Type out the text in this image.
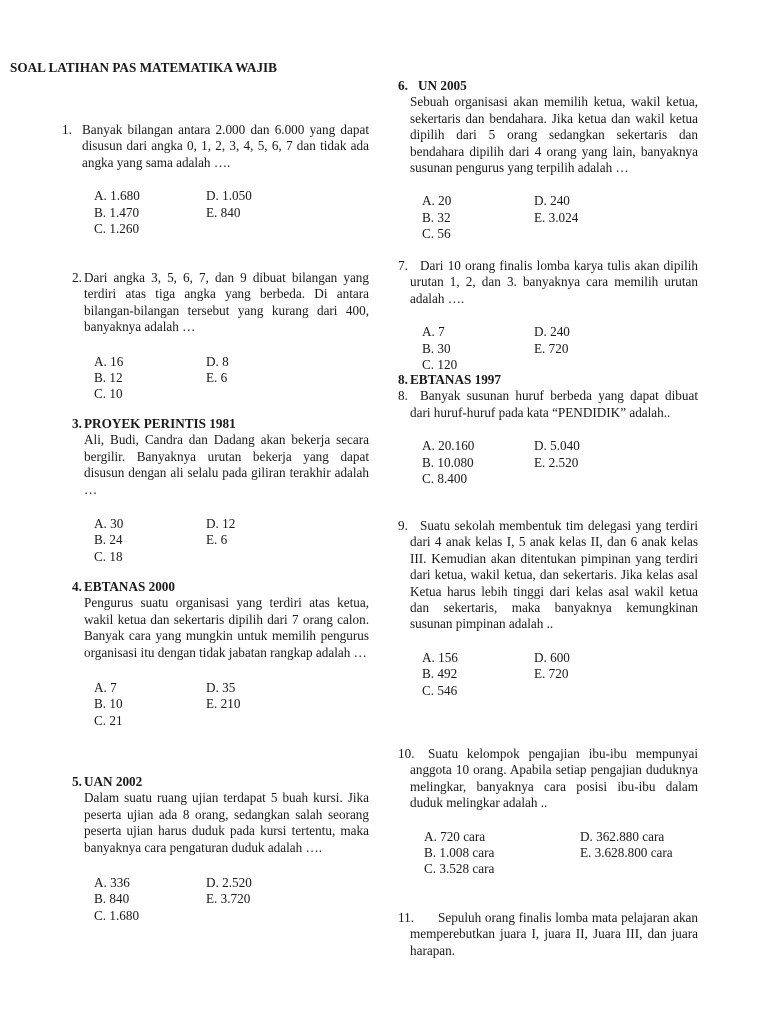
SOAL LATIHAN PAS MATEMATIKA WAJIB
1. Banyak bilangan antara 2.000 dan 6.000 yang dapat disusun dari angka 0, 1, 2, 3, 4, 5, 6, 7 dan tidak ada angka yang sama adalah ….
A. 1.680	D. 1.050
B. 1.470	E. 840
C. 1.260
2. Dari angka 3, 5, 6, 7, dan 9 dibuat bilangan yang terdiri atas tiga angka yang berbeda. Di antara bilangan-bilangan tersebut yang kurang dari 400, banyaknya adalah …
A. 16	D. 8
B. 12	E. 6
C. 10
3. PROYEK PERINTIS 1981
Ali, Budi, Candra dan Dadang akan bekerja secara bergilir. Banyaknya urutan bekerja yang dapat disusun dengan ali selalu pada giliran terakhir adalah …
A. 30	D. 12
B. 24	E. 6
C. 18
4. EBTANAS 2000
Pengurus suatu organisasi yang terdiri atas ketua, wakil ketua dan sekertaris dipilih dari 7 orang calon. Banyak cara yang mungkin untuk memilih pengurus organisasi itu dengan tidak jabatan rangkap adalah …
A. 7	D. 35
B. 10	E. 210
C. 21
5. UAN 2002
Dalam suatu ruang ujian terdapat 5 buah kursi. Jika peserta ujian ada 8 orang, sedangkan salah seorang peserta ujian harus duduk pada kursi tertentu, maka banyaknya cara pengaturan duduk adalah ….
A. 336	D. 2.520
B. 840	E. 3.720
C. 1.680
6. UN 2005
Sebuah organisasi akan memilih ketua, wakil ketua, sekertaris dan bendahara. Jika ketua dan wakil ketua dipilih dari 5 orang sedangkan sekertaris dan bendahara dipilih dari 4 orang yang lain, banyaknya susunan pengurus yang terpilih adalah …
A. 20	D. 240
B. 32	E. 3.024
C. 56
7. Dari 10 orang finalis lomba karya tulis akan dipilih urutan 1, 2, dan 3. banyaknya cara memilih urutan adalah ….
A. 7	D. 240
B. 30	E. 720
C. 120
8. EBTANAS 1997
8. Banyak susunan huruf berbeda yang dapat dibuat dari huruf-huruf pada kata “PENDIDIK” adalah..
A. 20.160	D. 5.040
B. 10.080	E. 2.520
C. 8.400
9. Suatu sekolah membentuk tim delegasi yang terdiri dari 4 anak kelas I, 5 anak kelas II, dan 6 anak kelas III. Kemudian akan ditentukan pimpinan yang terdiri dari ketua, wakil ketua, dan sekertaris. Jika kelas asal Ketua harus lebih tinggi dari kelas asal wakil ketua dan sekertaris, maka banyaknya kemungkinan susunan pimpinan adalah ..
A. 156	D. 600
B. 492	E. 720
C. 546
10.	Suatu kelompok pengajian ibu-ibu mempunyai anggota 10 orang. Apabila setiap pengajian duduknya melingkar, banyaknya cara posisi ibu-ibu dalam duduk melingkar adalah ..
A. 720 cara	D. 362.880 cara
B. 1.008 cara	E. 3.628.800 cara
C. 3.528 cara
11.	Sepuluh orang finalis lomba mata pelajaran akan memperebutkan juara I, juara II, Juara III, dan juara harapan.
